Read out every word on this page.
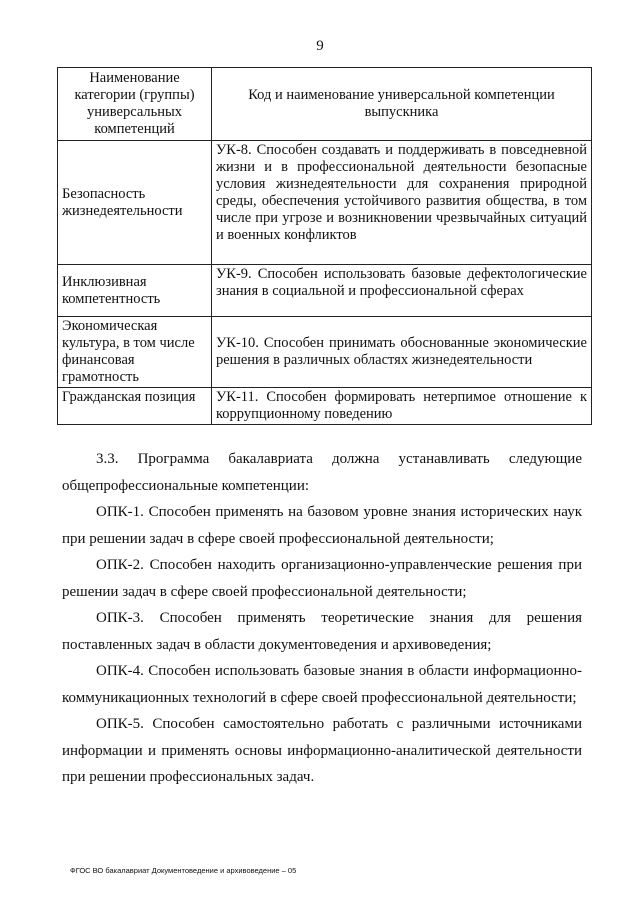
9
Наименование категории (группы) универсальных компетенций	Код и наименование универсальной компетенции выпускника
Безопасность жизнедеятельности	УК-8. Способен создавать и поддерживать в повседневной жизни и в профессиональной деятельности безопасные условия жизнедеятельности для сохранения природной среды, обеспечения устойчивого развития общества, в том числе при угрозе и возникновении чрезвычайных ситуаций и военных конфликтов
Инклюзивная компетентность	УК-9. Способен использовать базовые дефектологические знания в социальной и профессиональной сферах
Экономическая культура, в том числе финансовая грамотность	УК-10. Способен принимать обоснованные экономические решения в различных областях жизнедеятельности
Гражданская позиция	УК-11. Способен формировать нетерпимое отношение к коррупционному поведению

3.3. Программа бакалавриата должна устанавливать следующие общепрофессиональные компетенции:

ОПК-1. Способен применять на базовом уровне знания исторических наук при решении задач в сфере своей профессиональной деятельности;

ОПК-2. Способен находить организационно-управленческие решения при решении задач в сфере своей профессиональной деятельности;

ОПК-3. Способен применять теоретические знания для решения поставленных задач в области документоведения и архивоведения;

ОПК-4. Способен использовать базовые знания в области информационно-коммуникационных технологий в сфере своей профессиональной деятельности;

ОПК-5. Способен самостоятельно работать с различными источниками информации и применять основы информационно-аналитической деятельности при решении профессиональных задач.

ФГОС ВО бакалавриат Документоведение и архивоведение – 05
